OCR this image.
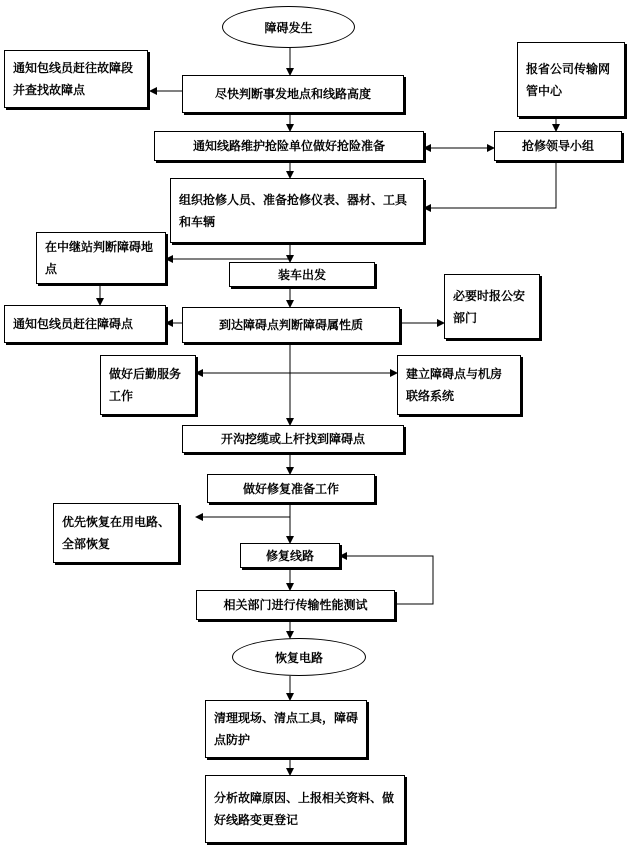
障碍发生
通知包线员赶往故障段并查找故障点	尽快判断事发地点和线路高度
报省公司传输网管中心
通知线路维护抢险单位做好抢险准备	抢修领导小组
组织抢修人员、准备抢修仪表、器材、工具和车辆
在中继站判断障碍地点	装车出发
通知包线员赶往障碍点	到达障碍点判断障碍属性质
必要时报公安部门
做好后勤服务工作
建立障碍点与机房联络系统
开沟挖缆或上杆找到障碍点
做好修复准备工作
优先恢复在用电路、全部恢复
修复线路
相关部门进行传输性能测试
恢复电路
清理现场、清点工具，障碍点防护
分析故障原因、上报相关资料、做好线路变更登记
